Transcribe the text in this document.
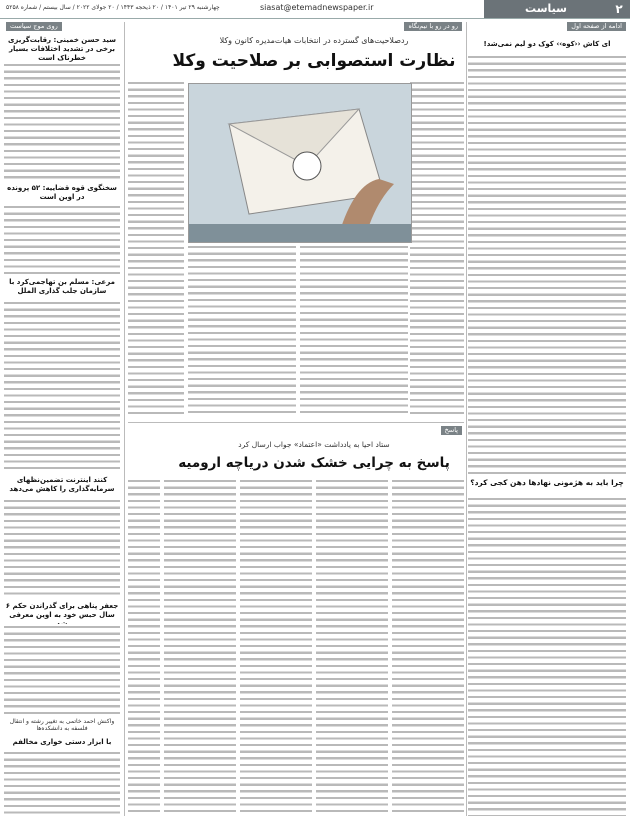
۲
سیاست
siasat@etemadnewspaper.ir
چهارشنبه ۲۹ تیر ۱۴۰۱ / ۲۰ ذیحجه ۱۴۴۳ / ۲۰ جولای ۲۰۲۲ / سال بیستم / شماره ۵۲۵۸
ادامه از صفحه اول
ای کاش ‹‹کوه›› کوک دو لیم نمی‌شد!
چرا باید به هژمونی نهادها دهن کجی کرد؟
رو در رو با نیم‌نگاه
ردصلاحیت‌های گسترده در انتخابات هیات‌مدیره کانون وکلا
نظارت استصوابی بر صلاحیت وکلا
پاسخ
ستاد احیا به یادداشت «اعتماد» جواب ارسال کرد
پاسخ به چرایی خشک شدن دریاچه ارومیه
روی موج سیاست
سید حسن خمینی: رقابت‌گریزی برخی در تشدید اختلافات بسیار خطرناک است
سخنگوی قوه قضاییه: ۵۲ پرونده در اوین است
مرعی: مسلم بن تهاجمی‌کرد با سازمان جلب گذاری الملل
کنند اینترنت تضمین‌نظهای سرمایه‌گذاری را کاهش می‌دهد
جعفر پناهی برای گذراندن حکم ۶ سال حبس خود به اوین معرفی
واکنش احمد خاتمی به تغییر رشته و انتقال فلسفه به دانشکده‌ها
با ابزار دستی خواری مخالفم
